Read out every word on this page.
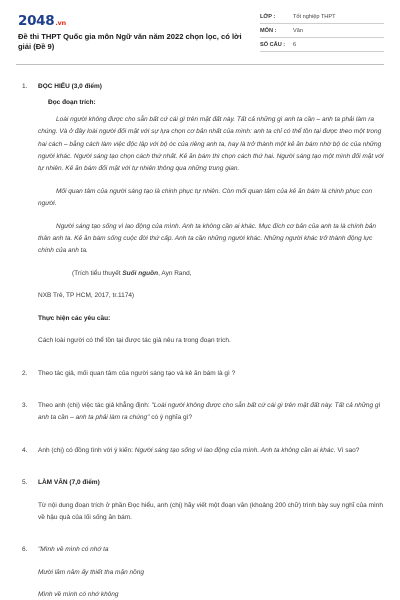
2048.vn
Đề thi THPT Quốc gia môn Ngữ văn năm 2022 chọn lọc, có lời giải (Đề 9)
LỚP :	Tốt nghiệp THPT
MÔN :	Văn
SỐ CÂU :	6
1.	ĐỌC HIỂU (3,0 điểm)
Đọc đoạn trích:

Loài người không được cho sẵn bất cứ cái gì trên mặt đất này. Tất cả những gì anh ta cần – anh ta phải làm ra chúng. Và ở đây loài người đối mặt với sự lựa chọn cơ bản nhất của mình: anh ta chỉ có thể tồn tại được theo một trong hai cách – bằng cách làm việc độc lập với bộ óc của riêng anh ta, hay là trở thành một kẻ ăn bám nhờ bộ óc của những người khác. Người sáng tạo chọn cách thứ nhất. Kẻ ăn bám thì chọn cách thứ hai. Người sáng tạo một mình đối mặt với tự nhiên. Kẻ ăn bám đối mặt với tự nhiên thông qua những trung gian.

Mối quan tâm của người sáng tạo là chinh phục tự nhiên. Còn mối quan tâm của kẻ ăn bám là chinh phục con người.

Người sáng tạo sống vì lao động của mình. Anh ta không cần ai khác. Mục đích cơ bản của anh ta là chính bản thân anh ta. Kẻ ăn bám sống cuộc đời thứ cấp. Anh ta cần những người khác. Những người khác trở thành động lực chính của anh ta.

(Trích tiểu thuyết Suối nguồn, Ayn Rand,

NXB Trẻ, TP HCM, 2017, tr.1174)

Thực hiện các yêu cầu:

Cách loài người có thể tồn tại được tác giả nêu ra trong đoạn trích.

2.	Theo tác giả, mối quan tâm của người sáng tạo và kẻ ăn bám là gì ?
3.	Theo anh (chị) việc tác giả khẳng định: "Loài người không được cho sẵn bất cứ cái gì trên mặt đất này. Tất cả những gì anh ta cần – anh ta phải làm ra chúng" có ý nghĩa gì?
4.	Anh (chị) có đồng tình với ý kiến: Người sáng tạo sống vì lao động của mình. Anh ta không cần ai khác. Vì sao?
5.	LÀM VĂN (7,0 điểm)

Từ nội dung đoạn trích ở phần Đọc hiểu, anh (chị) hãy viết một đoạn văn (khoảng 200 chữ) trình bày suy nghĩ của mình về hậu quả của lối sống ăn bám.

6.	"Mình về mình có nhớ ta

Mười lăm năm ấy thiết tha mặn nồng

Mình về mình có nhớ không
